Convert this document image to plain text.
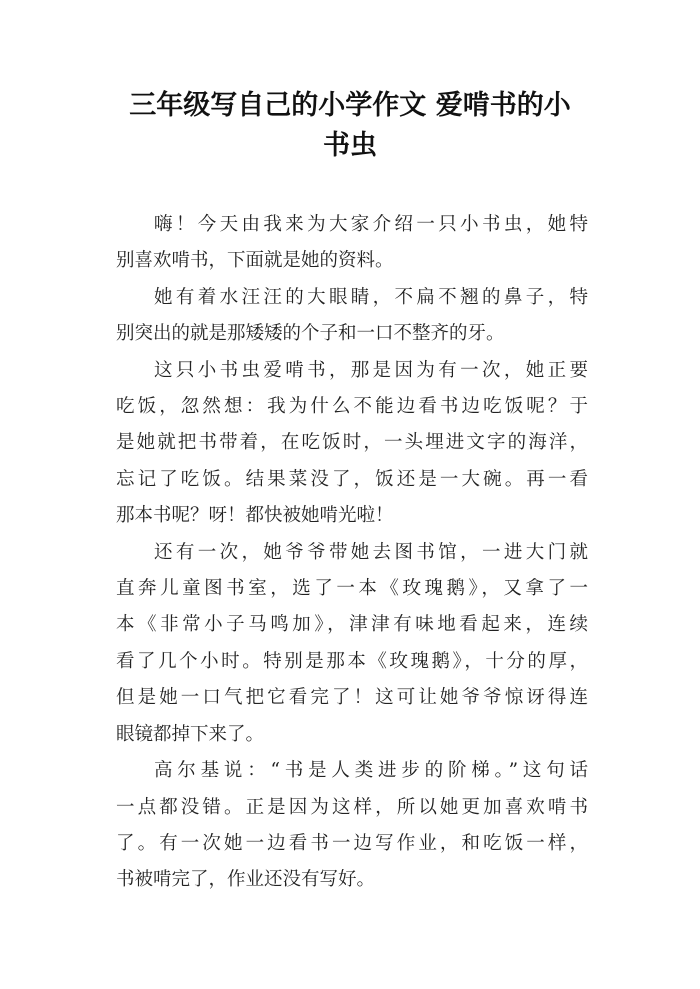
三年级写自己的小学作文 爱啃书的小
书虫

嗨！今天由我来为大家介绍一只小书虫，她特
别喜欢啃书，下面就是她的资料。

她有着水汪汪的大眼睛，不扁不翘的鼻子，特
别突出的就是那矮矮的个子和一口不整齐的牙。

这只小书虫爱啃书，那是因为有一次，她正要
吃饭，忽然想：我为什么不能边看书边吃饭呢？于
是她就把书带着，在吃饭时，一头埋进文字的海洋，
忘记了吃饭。结果菜没了，饭还是一大碗。再一看
那本书呢？呀！都快被她啃光啦！

还有一次，她爷爷带她去图书馆，一进大门就
直奔儿童图书室，选了一本《玫瑰鹅》，又拿了一
本《非常小子马鸣加》，津津有味地看起来，连续
看了几个小时。特别是那本《玫瑰鹅》，十分的厚，
但是她一口气把它看完了！这可让她爷爷惊讶得连
眼镜都掉下来了。

高尔基说：“书是人类进步的阶梯。”这句话
一点都没错。正是因为这样，所以她更加喜欢啃书
了。有一次她一边看书一边写作业，和吃饭一样，
书被啃完了，作业还没有写好。
